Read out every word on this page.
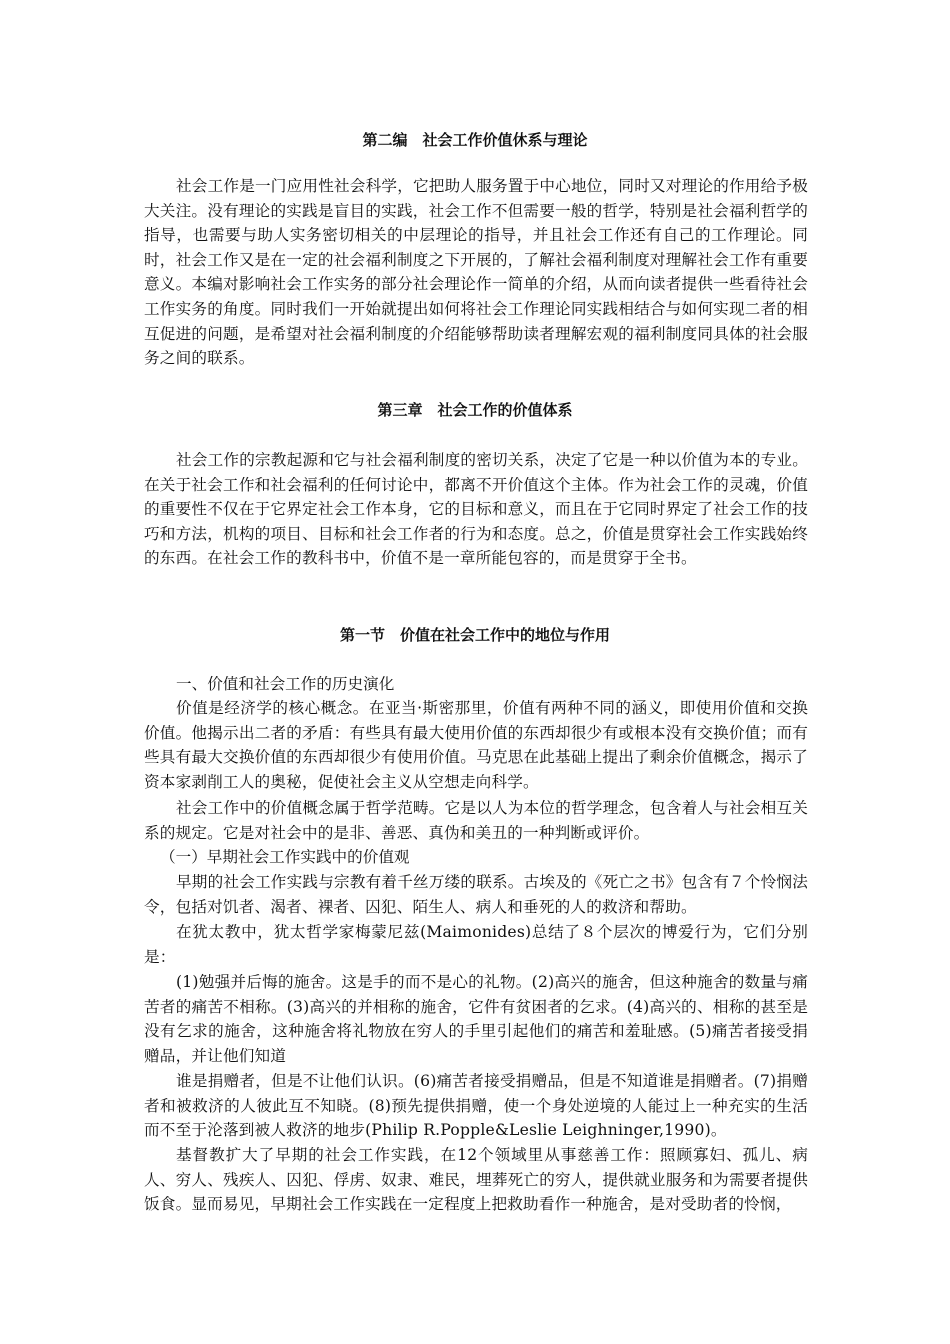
第二编　社会工作价值休系与理论
社会工作是一门应用性社会科学，它把助人服务置于中心地位，同时又对理论的作用给予极大关注。没有理论的实践是盲目的实践，社会工作不但需要一般的哲学，特别是社会福利哲学的指导，也需要与助人实务密切相关的中层理论的指导，并且社会工作还有自己的工作理论。同时，社会工作又是在一定的社会福利制度之下开展的，了解社会福利制度对理解社会工作有重要意义。本编对影响社会工作实务的部分社会理论作一简单的介绍，从而向读者提供一些看待社会工作实务的角度。同时我们一开始就提出如何将社会工作理论同实践相结合与如何实现二者的相互促进的问题，是希望对社会福利制度的介绍能够帮助读者理解宏观的福利制度同具体的社会服务之间的联系。
第三章　社会工作的价值体系
社会工作的宗教起源和它与社会福利制度的密切关系，决定了它是一种以价值为本的专业。在关于社会工作和社会福利的任何讨论中，都离不开价值这个主体。作为社会工作的灵魂，价值的重要性不仅在于它界定社会工作本身，它的目标和意义，而且在于它同时界定了社会工作的技巧和方法，机构的项目、目标和社会工作者的行为和态度。总之，价值是贯穿社会工作实践始终的东西。在社会工作的教科书中，价值不是一章所能包容的，而是贯穿于全书。
第一节　价值在社会工作中的地位与作用
一、价值和社会工作的历史演化
价值是经济学的核心概念。在亚当·斯密那里，价值有两种不同的涵义，即使用价值和交换价值。他揭示出二者的矛盾：有些具有最大使用价值的东西却很少有或根本没有交换价值；而有些具有最大交换价值的东西却很少有使用价值。马克思在此基础上提出了剩余价值概念，揭示了资本家剥削工人的奥秘，促使社会主义从空想走向科学。
社会工作中的价值概念属于哲学范畴。它是以人为本位的哲学理念，包含着人与社会相互关系的规定。它是对社会中的是非、善恶、真伪和美丑的一种判断或评价。
（一）早期社会工作实践中的价值观
早期的社会工作实践与宗教有着千丝万缕的联系。古埃及的《死亡之书》包含有７个怜悯法令，包括对饥者、渴者、裸者、囚犯、陌生人、病人和垂死的人的救济和帮助。
在犹太教中，犹太哲学家梅蒙尼兹(Maimonides)总结了８个层次的博爱行为，它们分别是：
(1)勉强并后悔的施舍。这是手的而不是心的礼物。(2)高兴的施舍，但这种施舍的数量与痛苦者的痛苦不相称。(3)高兴的并相称的施舍，它件有贫困者的乞求。(4)高兴的、相称的甚至是没有乞求的施舍，这种施舍将礼物放在穷人的手里引起他们的痛苦和羞耻感。(5)痛苦者接受捐赠品，并让他们知道
谁是捐赠者，但是不让他们认识。(6)痛苦者接受捐赠品，但是不知道谁是捐赠者。(7)捐赠者和被救济的人彼此互不知晓。(8)预先提供捐赠，使一个身处逆境的人能过上一种充实的生活而不至于沦落到被人救济的地步(Philip R.Popple&Leslie Leighninger,1990)。
基督教扩大了早期的社会工作实践，在12个领域里从事慈善工作：照顾寡妇、孤儿、病人、穷人、残疾人、囚犯、俘虏、奴隶、难民，埋葬死亡的穷人，提供就业服务和为需要者提供饭食。显而易见，早期社会工作实践在一定程度上把救助看作一种施舍，是对受助者的怜悯，
